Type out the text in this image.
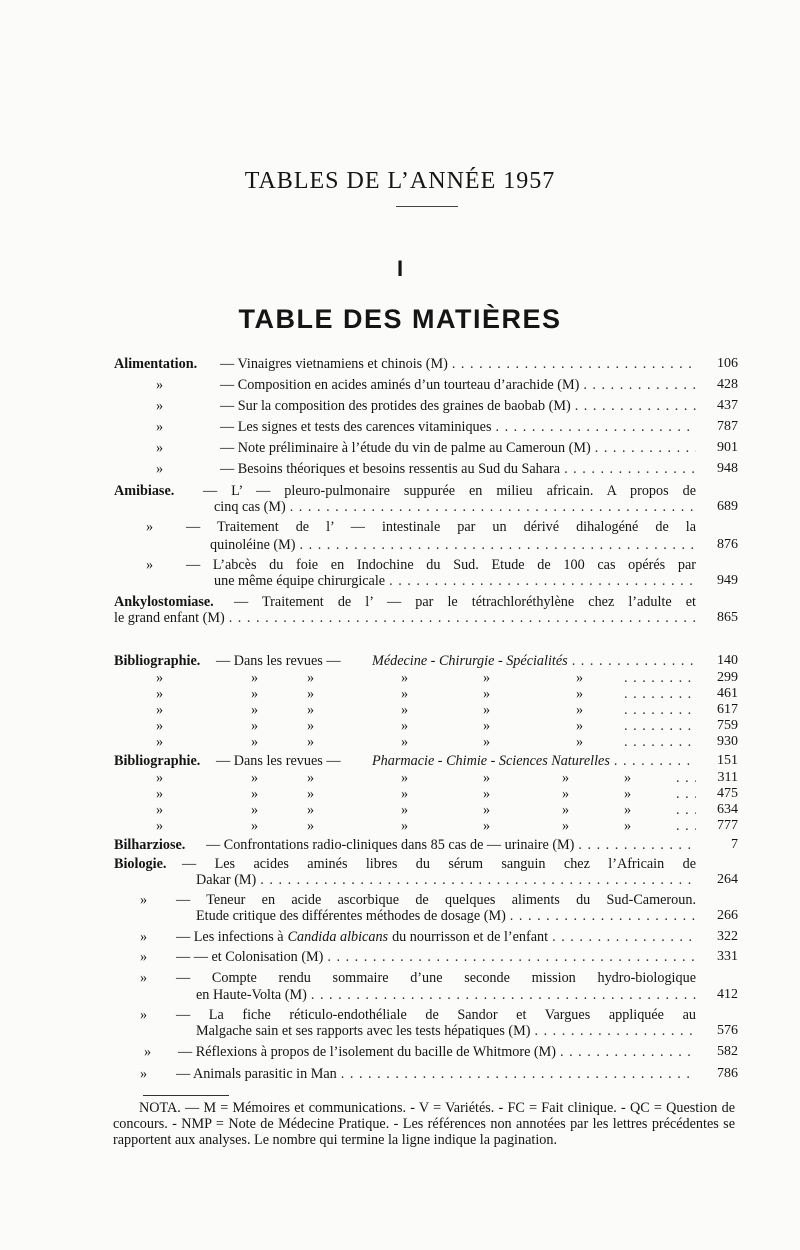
TABLES DE L’ANNÉE 1957
I
TABLE DES MATIÈRES
Alimentation. — Vinaigres vietnamiens et chinois (M) . . .	106
»	— Composition en acides aminés d’un tourteau d’arachide (M) . . .	428
»	— Sur la composition des protides des graines de baobab (M) . . .	437
»	— Les signes et tests des carences vitaminiques . . .	787
»	— Note préliminaire à l’étude du vin de palme au Cameroun (M) . . .	901
»	— Besoins théoriques et besoins ressentis au Sud du Sahara . . .	948
Amibiase. — L’ — pleuro-pulmonaire suppurée en milieu africain. A propos de
cinq cas (M) . . .	689
» — Traitement de l’ — intestinale par un dérivé dihalogéné de la
quinoléine (M) . . .	876
» — L’abcès du foie en Indochine du Sud. Etude de 100 cas opérés par
une même équipe chirurgicale . . .	949
Ankylostomiase. — Traitement de l’ — par le tétrachloréthylène chez l’adulte et
le grand enfant (M) . . .	865
Bibliographie. — Dans les revues — Médecine - Chirurgie - Spécialités . . .	140
»	»	»	»	»	» . . .	299
»	»	»	»	»	» . . .	461
»	»	»	»	»	» . . .	617
»	»	»	»	»	» . . .	759
»	»	»	»	»	» . . .	930
Bibliographie. — Dans les revues — Pharmacie - Chimie - Sciences Naturelles . . .	151
»	»	»	»	»	»	» . . .	311
»	»	»	»	»	»	» . . .	475
»	»	»	»	»	»	» . . .	634
»	»	»	»	»	»	» . . .	777
Bilharziose. — Confrontations radio-cliniques dans 85 cas de — urinaire (M) . . .	7
Biologie. — Les acides aminés libres du sérum sanguin chez l’Africain de
Dakar (M) . . .	264
» — Teneur en acide ascorbique de quelques aliments du Sud-Cameroun.
Etude critique des différentes méthodes de dosage (M) . . .	266
» — Les infections à Candida albicans du nourrisson et de l’enfant . . .	322
» — — et Colonisation (M) . . .	331
» — Compte rendu sommaire d’une seconde mission hydro-biologique
en Haute-Volta (M) . . .	412
» — La fiche réticulo-endothéliale de Sandor et Vargues appliquée au
Malgache sain et ses rapports avec les tests hépatiques (M) . . .	576
» — Réflexions à propos de l’isolement du bacille de Whitmore (M) . . .	582
» — Animals parasitic in Man . . .	786

NOTA. — M = Mémoires et communications. - V = Variétés. - FC = Fait clinique. - QC = Question de concours. - NMP = Note de Médecine Pratique. - Les références non annotées par les lettres précédentes se rapportent aux analyses. Le nombre qui termine la ligne indique la pagination.
